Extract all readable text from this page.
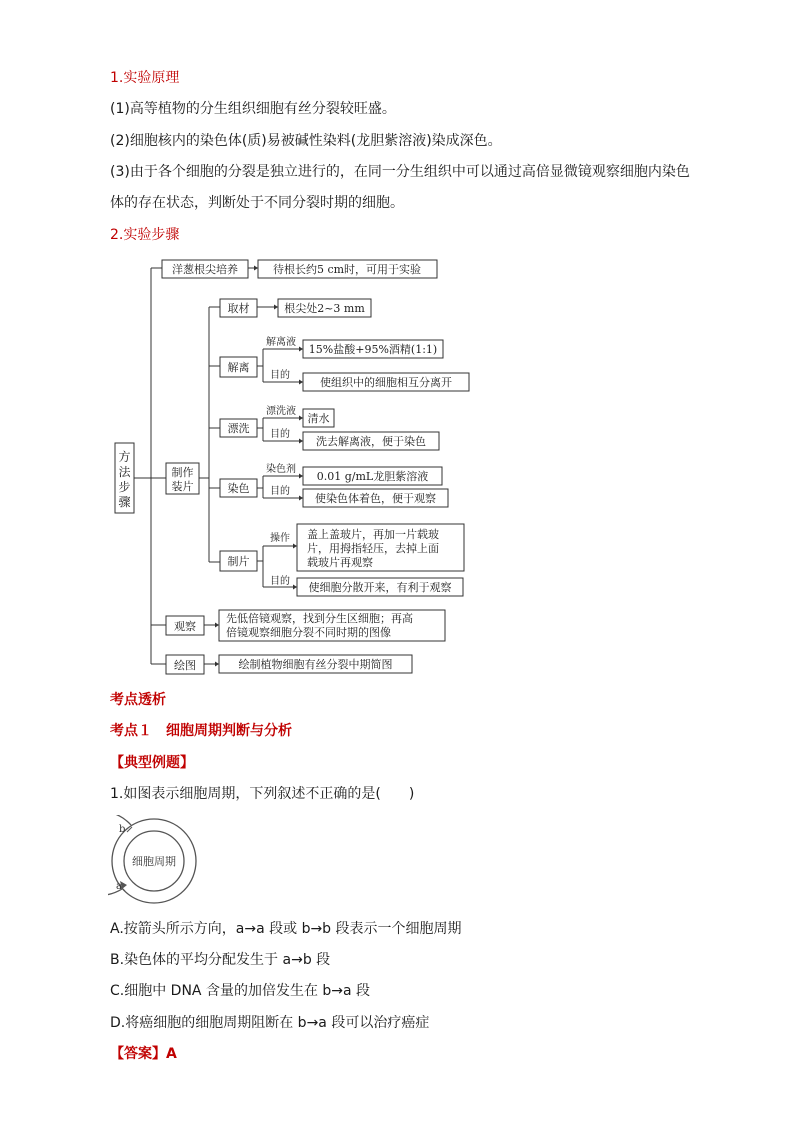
1.实验原理
(1)高等植物的分生组织细胞有丝分裂较旺盛。
(2)细胞核内的染色体(质)易被碱性染料(龙胆紫溶液)染成深色。
(3)由于各个细胞的分裂是独立进行的，在同一分生组织中可以通过高倍显微镜观察细胞内染色
体的存在状态，判断处于不同分裂时期的细胞。
2.实验步骤
方
法
步
骤
洋葱根尖培养	待根长约5 cm时，可用于实验
制作
装片
取材	根尖处2~3 mm
解离
解离液
15%盐酸+95%酒精(1:1)
目的
使组织中的细胞相互分离开
漂洗
漂洗液
清水
目的
洗去解离液，便于染色
染色
染色剂
0.01 g/mL龙胆紫溶液
目的
使染色体着色，便于观察
制片
操作 盖上盖玻片，再加一片载玻
片，用拇指轻压，去掉上面
载玻片再观察
目的 使细胞分散开来，有利于观察
观察
先低倍镜观察，找到分生区细胞；再高
倍镜观察细胞分裂不同时期的图像
绘图	绘制植物细胞有丝分裂中期简图
考点透析
考点１　细胞周期判断与分析
【典型例题】
1.如图表示细胞周期，下列叙述不正确的是(　　)
细胞周期
b
a
A.按箭头所示方向，a→a 段或 b→b 段表示一个细胞周期
B.染色体的平均分配发生于 a→b 段
C.细胞中 DNA 含量的加倍发生在 b→a 段
D.将癌细胞的细胞周期阻断在 b→a 段可以治疗癌症
【答案】A
